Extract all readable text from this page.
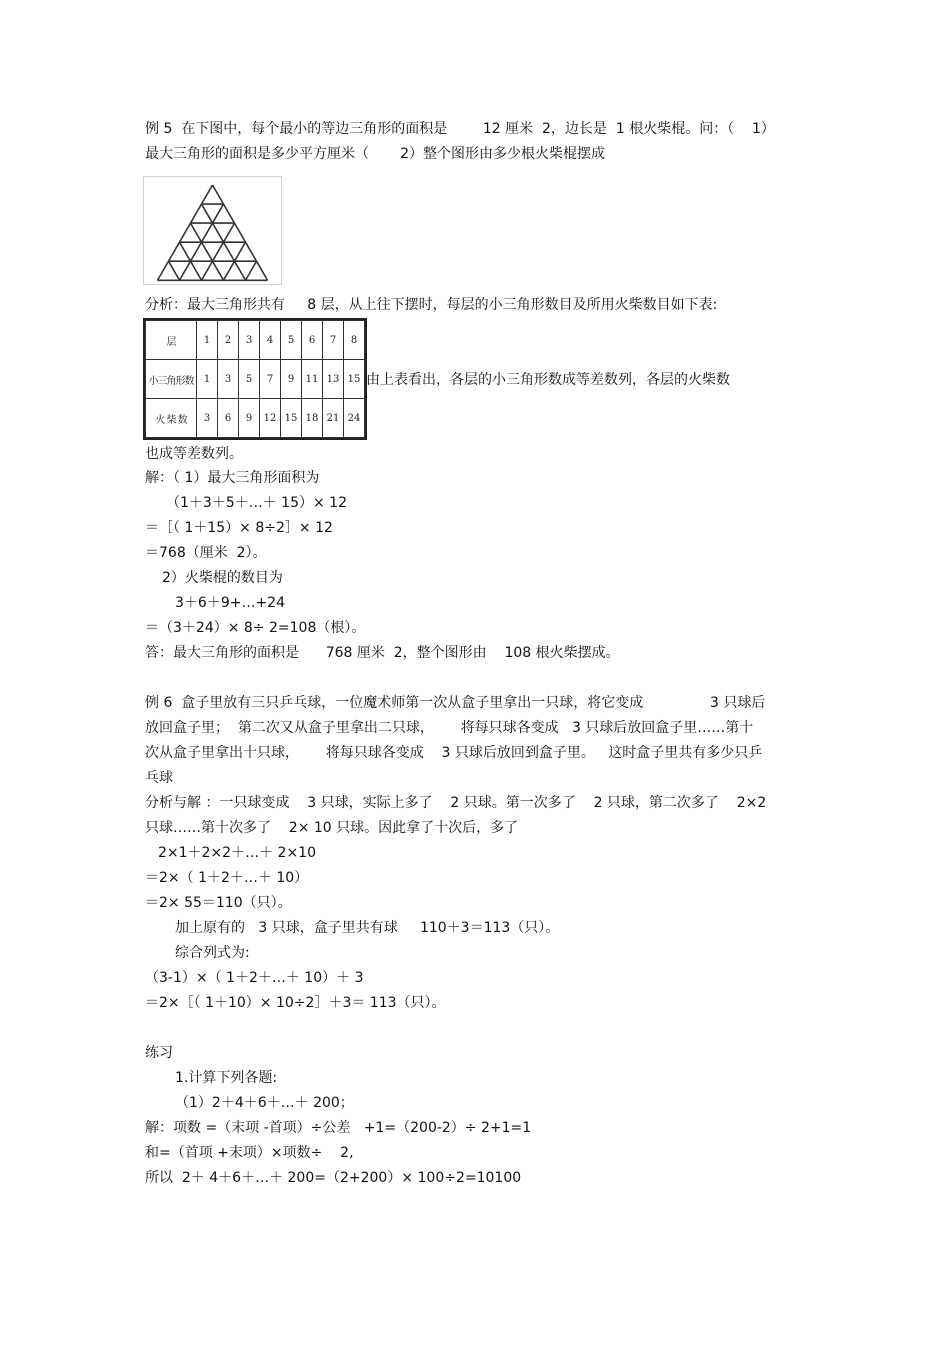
例 5  在下图中，每个最小的等边三角形的面积是        12 厘米  2，边长是  1 根火柴棍。问：（    1）
最大三角形的面积是多少平方厘米（       2）整个图形由多少根火柴棍摆成
分析：最大三角形共有     8 层，从上往下摆时，每层的小三角形数目及所用火柴数目如下表:
层	1	2	3	4	5	6	7	8
小三角形数	1	3	5	7	9	11	13	15
火 柴 数	3	6	9	12	15	18	21	24
由上表看出，各层的小三角形数成等差数列，各层的火柴数
也成等差数列。
解：（ 1）最大三角形面积为
（1＋3＋5＋…＋ 15）× 12
＝［（ 1＋15）× 8÷2］× 12
＝768（厘米  2）。
2）火柴棍的数目为
3＋6＋9+…+24
＝（3＋24）× 8÷ 2=108（根）。
答：最大三角形的面积是      768 厘米  2，整个图形由    108 根火柴摆成。
例 6  盒子里放有三只乒乓球，一位魔术师第一次从盒子里拿出一只球，将它变成               3 只球后
放回盒子里；  第二次又从盒子里拿出二只球，      将每只球各变成   3 只球后放回盒子里……第十
次从盒子里拿出十只球，      将每只球各变成    3 只球后放回到盒子里。   这时盒子里共有多少只乒
乓球
分析与解 ：一只球变成    3 只球，实际上多了    2 只球。第一次多了    2 只球，第二次多了    2×2
只球……第十次多了    2× 10 只球。因此拿了十次后，多了
2×1＋2×2＋…＋ 2×10
＝2×（ 1＋2＋…＋ 10）
＝2× 55＝110（只）。
加上原有的   3 只球，盒子里共有球     110＋3＝113（只）。
综合列式为:
（3-1）×（ 1＋2＋…＋ 10）＋ 3
＝2×［（ 1＋10）× 10÷2］＋3＝ 113（只）。
练习
1.计算下列各题:
（1）2＋4＋6＋…＋ 200；
解：项数 =（末项 -首项）÷公差   +1=（200-2）÷ 2+1=1
和=（首项 +末项）×项数÷    2,
所以  2＋ 4＋6＋…＋ 200=（2+200）× 100÷2=10100
